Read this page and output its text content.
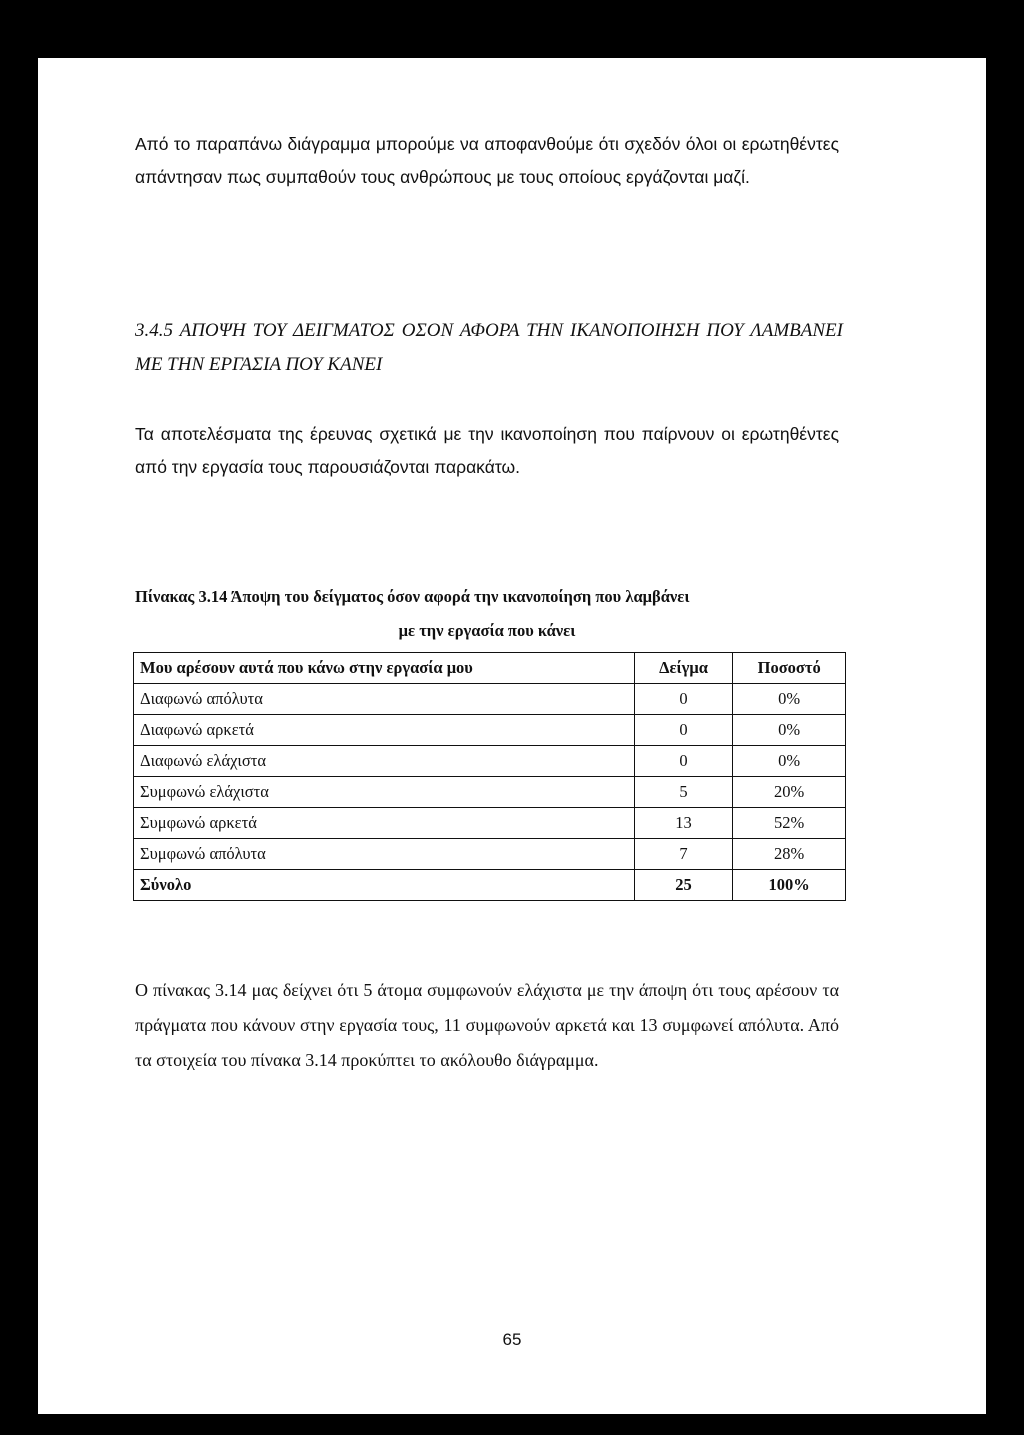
Από το παραπάνω διάγραμμα μπορούμε να αποφανθούμε ότι σχεδόν όλοι οι ερωτηθέντες απάντησαν πως συμπαθούν τους ανθρώπους με τους οποίους εργάζονται μαζί.

3.4.5 ΑΠΟΨΗ ΤΟΥ ΔΕΙΓΜΑΤΟΣ ΟΣΟΝ ΑΦΟΡΑ ΤΗΝ ΙΚΑΝΟΠΟΙΗΣΗ ΠΟΥ ΛΑΜΒΑΝΕΙ ΜΕ ΤΗΝ ΕΡΓΑΣΙΑ ΠΟΥ ΚΑΝΕΙ

Τα αποτελέσματα της έρευνας σχετικά με την ικανοποίηση που παίρνουν οι ερωτηθέντες από την εργασία τους παρουσιάζονται παρακάτω.

Πίνακας 3.14 Άποψη του δείγματος όσον αφορά την ικανοποίηση που λαμβάνει
με την εργασία που κάνει
Μου αρέσουν αυτά που κάνω στην εργασία μου	Δείγμα	Ποσοστό
Διαφωνώ απόλυτα	0	0%
Διαφωνώ αρκετά	0	0%
Διαφωνώ ελάχιστα	0	0%
Συμφωνώ ελάχιστα	5	20%
Συμφωνώ αρκετά	13	52%
Συμφωνώ απόλυτα	7	28%
Σύνολο	25	100%

Ο πίνακας 3.14 μας δείχνει ότι 5 άτομα συμφωνούν ελάχιστα με την άποψη ότι τους αρέσουν τα πράγματα που κάνουν στην εργασία τους, 11 συμφωνούν αρκετά και 13 συμφωνεί απόλυτα. Από τα στοιχεία του πίνακα 3.14 προκύπτει το ακόλουθο διάγραμμα.

65
